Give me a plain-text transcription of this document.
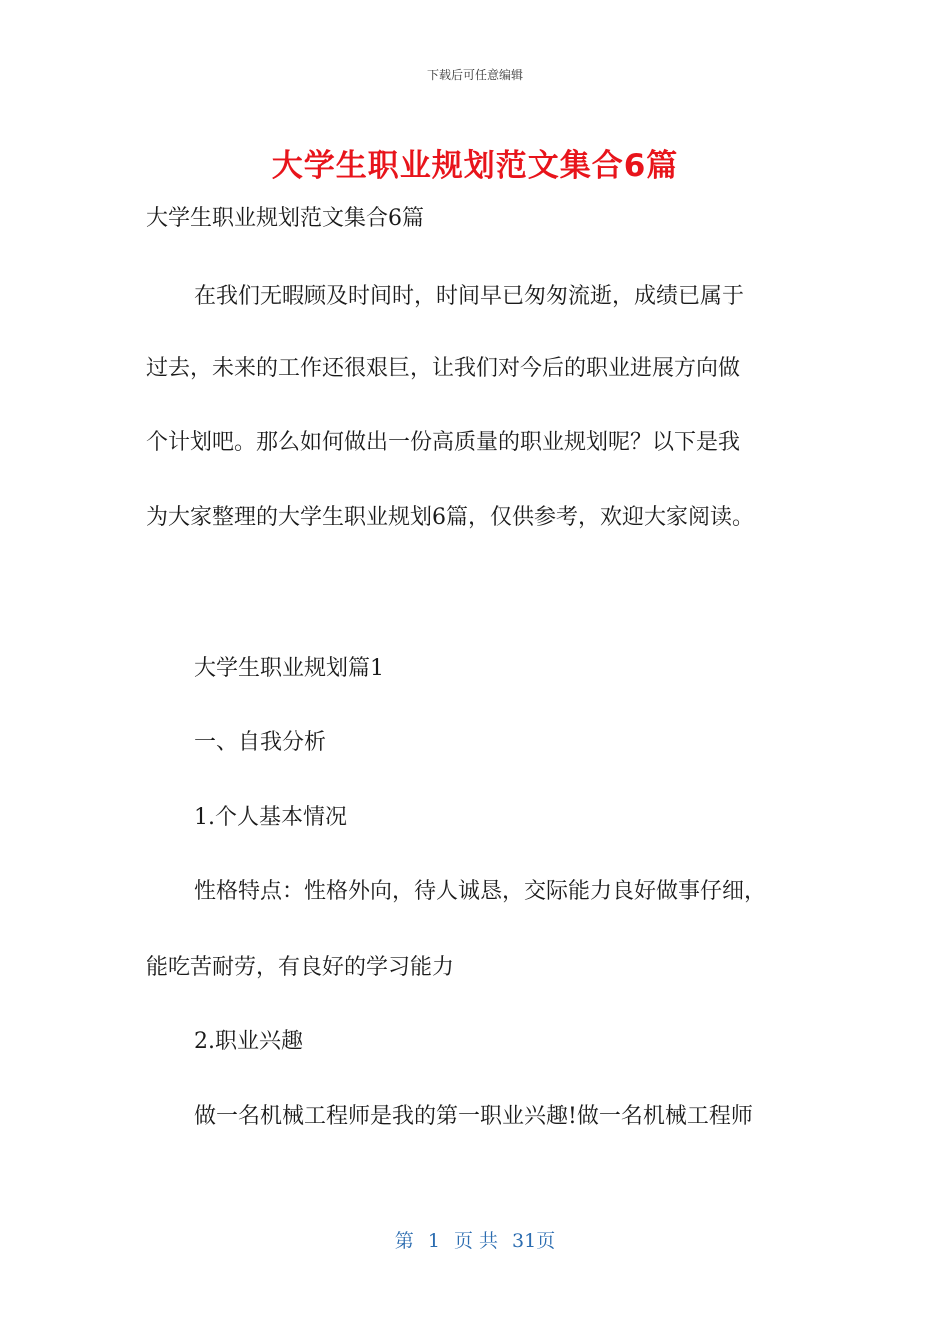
下载后可任意编辑
大学生职业规划范文集合6篇
大学生职业规划范文集合6篇
在我们无暇顾及时间时，时间早已匆匆流逝，成绩已属于
过去，未来的工作还很艰巨，让我们对今后的职业进展方向做
个计划吧。那么如何做出一份高质量的职业规划呢？以下是我
为大家整理的大学生职业规划6篇，仅供参考，欢迎大家阅读。
大学生职业规划篇1
一、自我分析
1.个人基本情况
性格特点：性格外向，待人诚恳，交际能力良好做事仔细，
能吃苦耐劳，有良好的学习能力
2.职业兴趣
做一名机械工程师是我的第一职业兴趣!做一名机械工程师
第 1 页 共 31页
